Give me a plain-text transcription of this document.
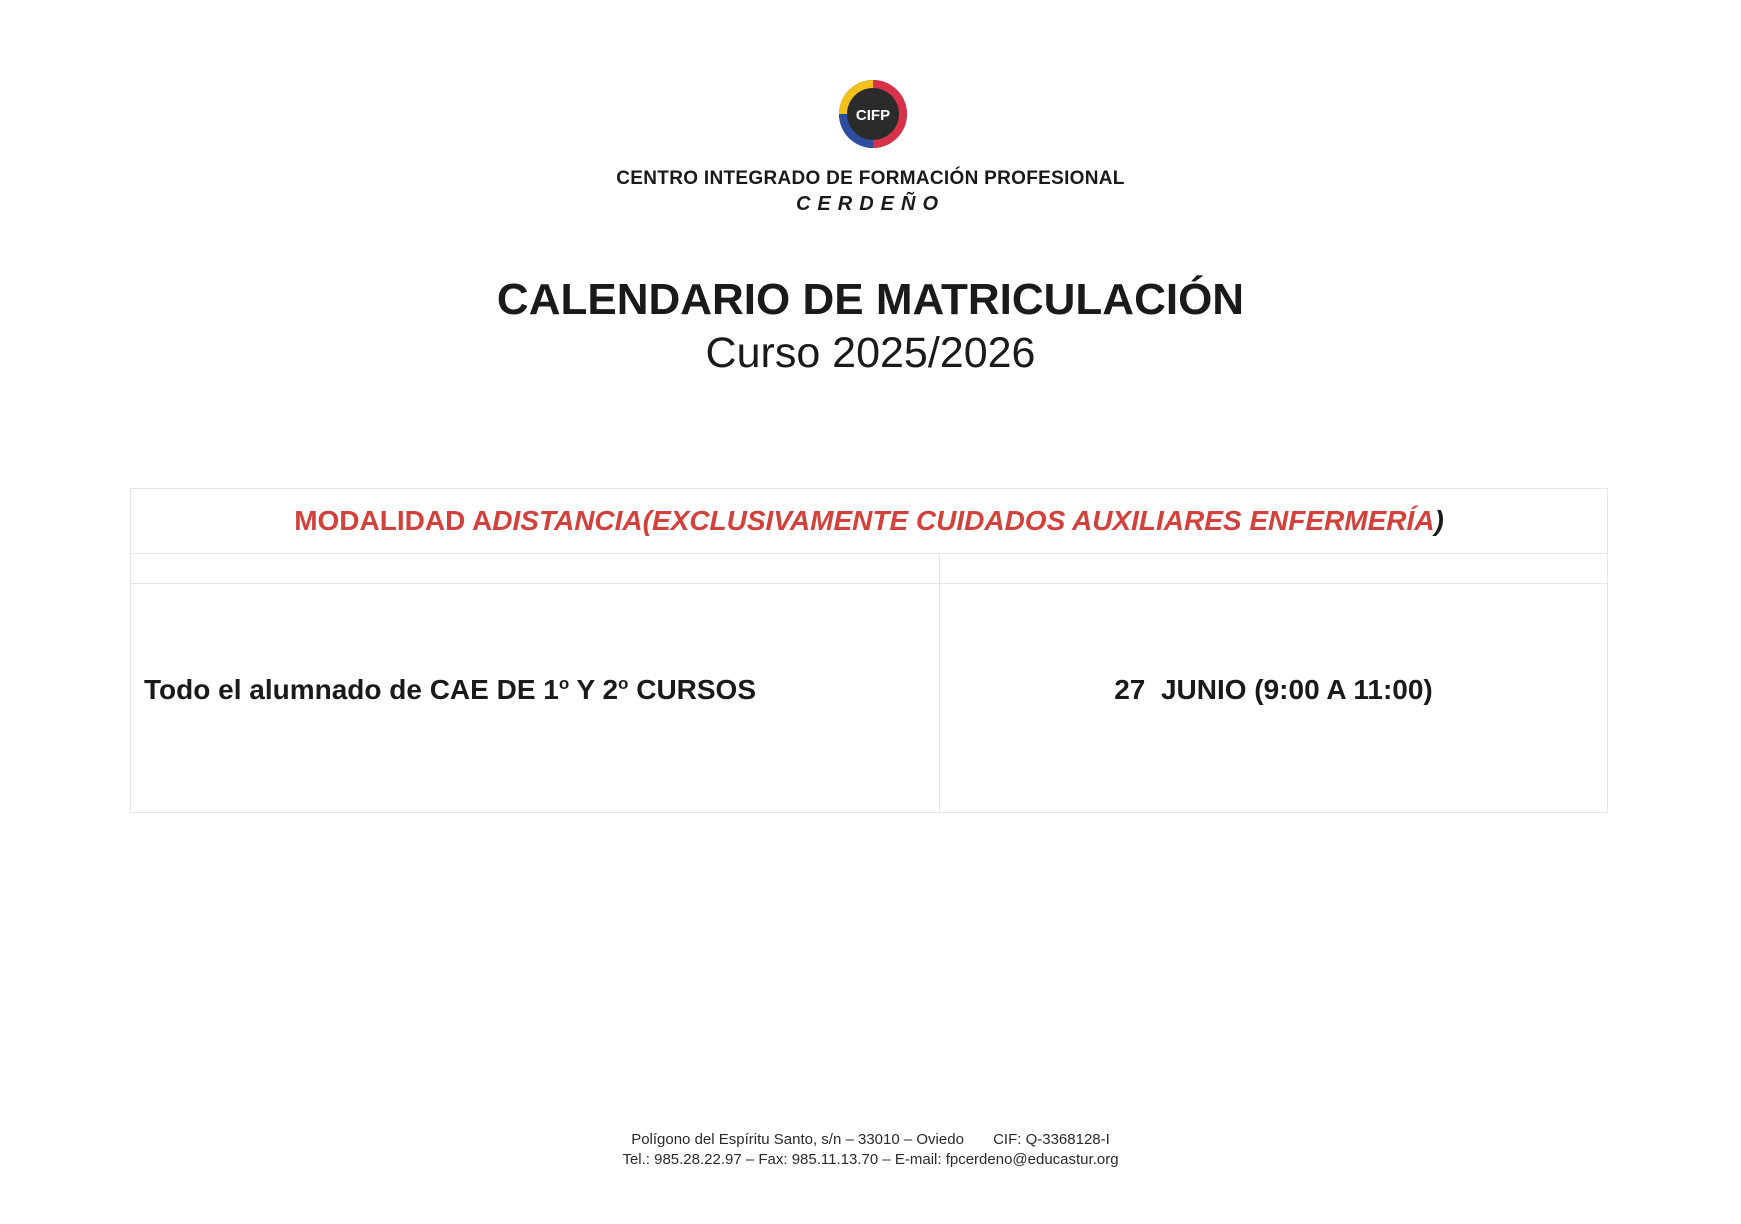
CIFP
CENTRO INTEGRADO DE FORMACIÓN PROFESIONAL
CERDEÑO
CALENDARIO DE MATRICULACIÓN
Curso 2025/2026
MODALIDAD A DISTANCIA (EXCLUSIVAMENTE CUIDADOS AUXILIARES ENFERMERÍA )
Todo el alumnado de CAE DE 1$^o$ Y 2$^o$ CURSOS	27  JUNIO (9:00 A 11:00)
Polígono del Espíritu Santo, s/n – 33010 – Oviedo       CIF: Q-3368128-I
Tel.: 985.28.22.97 – Fax: 985.11.13.70 – E-mail: fpcerdeno@educastur.org
